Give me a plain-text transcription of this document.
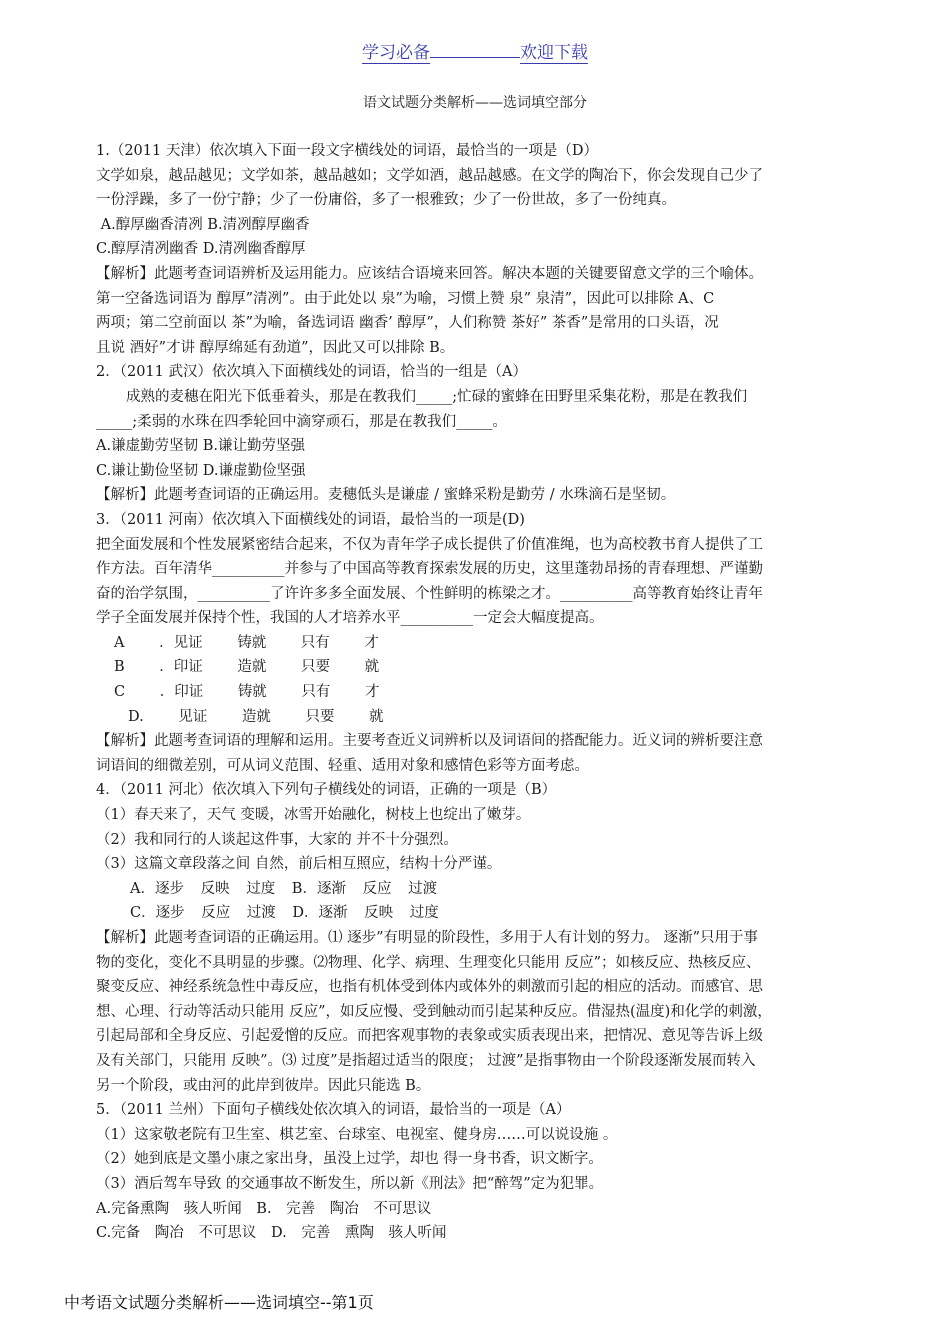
学习必备	欢迎下载
语文试题分类解析——选词填空部分

1.（2011 天津）依次填入下面一段文字横线处的词语，最恰当的一项是（D）

文学如泉，越品越见；文学如茶，越品越如；文学如酒，越品越感。在文学的陶冶下，你会发现自己少了

一份浮躁，多了一份宁静；少了一份庸俗，多了一根雅致；少了一份世故，多了一份纯真。

A.醇厚幽香清冽 B.清冽醇厚幽香

C.醇厚清冽幽香 D.清冽幽香醇厚

【解析】此题考查词语辨析及运用能力。应该结合语境来回答。解决本题的关键要留意文学的三个喻体。

第一空备选词语为 醇厚”清冽”。由于此处以 泉”为喻，习惯上赞 泉” 泉清”，因此可以排除 A、C

两项；第二空前面以 茶”为喻，备选词语 幽香’ 醇厚”，人们称赞 茶好” 茶香”是常用的口头语，况

且说 酒好”才讲 醇厚绵延有劲道”，因此又可以排除 B。

2．（2011 武汉）依次填入下面横线处的词语，恰当的一组是（A）

成熟的麦穗在阳光下低垂着头，那是在教我们_____;忙碌的蜜蜂在田野里采集花粉，那是在教我们

_____;柔弱的水珠在四季轮回中滴穿顽石，那是在教我们_____。

A.谦虚勤劳坚韧 B.谦让勤劳坚强

C.谦让勤俭坚韧 D.谦虚勤俭坚强

【解析】此题考查词语的正确运用。麦穗低头是谦虚 / 蜜蜂采粉是勤劳 / 水珠滴石是坚韧。

3．（2011 河南）依次填入下面横线处的词语，最恰当的一项是(D)

把全面发展和个性发展紧密结合起来，不仅为青年学子成长提供了价值准绳，也为高校教书育人提供了工

作方法。百年清华__________并参与了中国高等教育探索发展的历史，这里蓬勃昂扬的青春理想、严谨勤

奋的治学氛围，__________了许许多多全面发展、个性鲜明的栋梁之才。__________高等教育始终让青年

学子全面发展并保持个性，我国的人才培养水平__________一定会大幅度提高。

A ．见证 铸就 只有 才

B ．印证 造就 只要 就

C ．印证 铸就 只有 才

D. 见证 造就 只要 就

【解析】此题考查词语的理解和运用。主要考查近义词辨析以及词语间的搭配能力。近义词的辨析要注意

词语间的细微差别，可从词义范围、轻重、适用对象和感情色彩等方面考虑。

4．（2011 河北）依次填入下列句子横线处的词语，正确的一项是（B）

（1）春天来了，天气 变暖，冰雪开始融化，树枝上也绽出了嫩芽。

（2）我和同行的人谈起这件事，大家的 并不十分强烈。

（3）这篇文章段落之间 自然，前后相互照应，结构十分严谨。

A．逐步 反映 过度 B．逐渐 反应 过渡

C．逐步 反应 过渡 D．逐渐 反映 过度

【解析】此题考查词语的正确运用。⑴ 逐步”有明显的阶段性，多用于人有计划的努力。 逐渐”只用于事

物的变化，变化不具明显的步骤。⑵物理、化学、病理、生理变化只能用 反应”；如核反应、热核反应、

聚变反应、神经系统急性中毒反应，也指有机体受到体内或体外的刺激而引起的相应的活动。而感官、思

想、心理、行动等活动只能用 反应”，如反应慢、受到触动而引起某种反应。借湿热(温度)和化学的刺激，

引起局部和全身反应、引起爱憎的反应。而把客观事物的表象或实质表现出来，把情况、意见等告诉上级

及有关部门，只能用 反映”。⑶ 过度”是指超过适当的限度； 过渡”是指事物由一个阶段逐渐发展而转入

另一个阶段，或由河的此岸到彼岸。因此只能选 B。

5．（2011 兰州）下面句子横线处依次填入的词语，最恰当的一项是（A）

（1）这家敬老院有卫生室、棋艺室、台球室、电视室、健身房……可以说设施 。

（2）她到底是文墨小康之家出身，虽没上过学，却也 得一身书香，识文断字。

（3）酒后驾车导致 的交通事故不断发生，所以新《刑法》把“醉驾”定为犯罪。

A.完备熏陶 骇人听闻 B. 完善 陶冶 不可思议

C.完备 陶冶 不可思议 D. 完善 熏陶 骇人听闻

中考语文试题分类解析——选词填空--第1页
